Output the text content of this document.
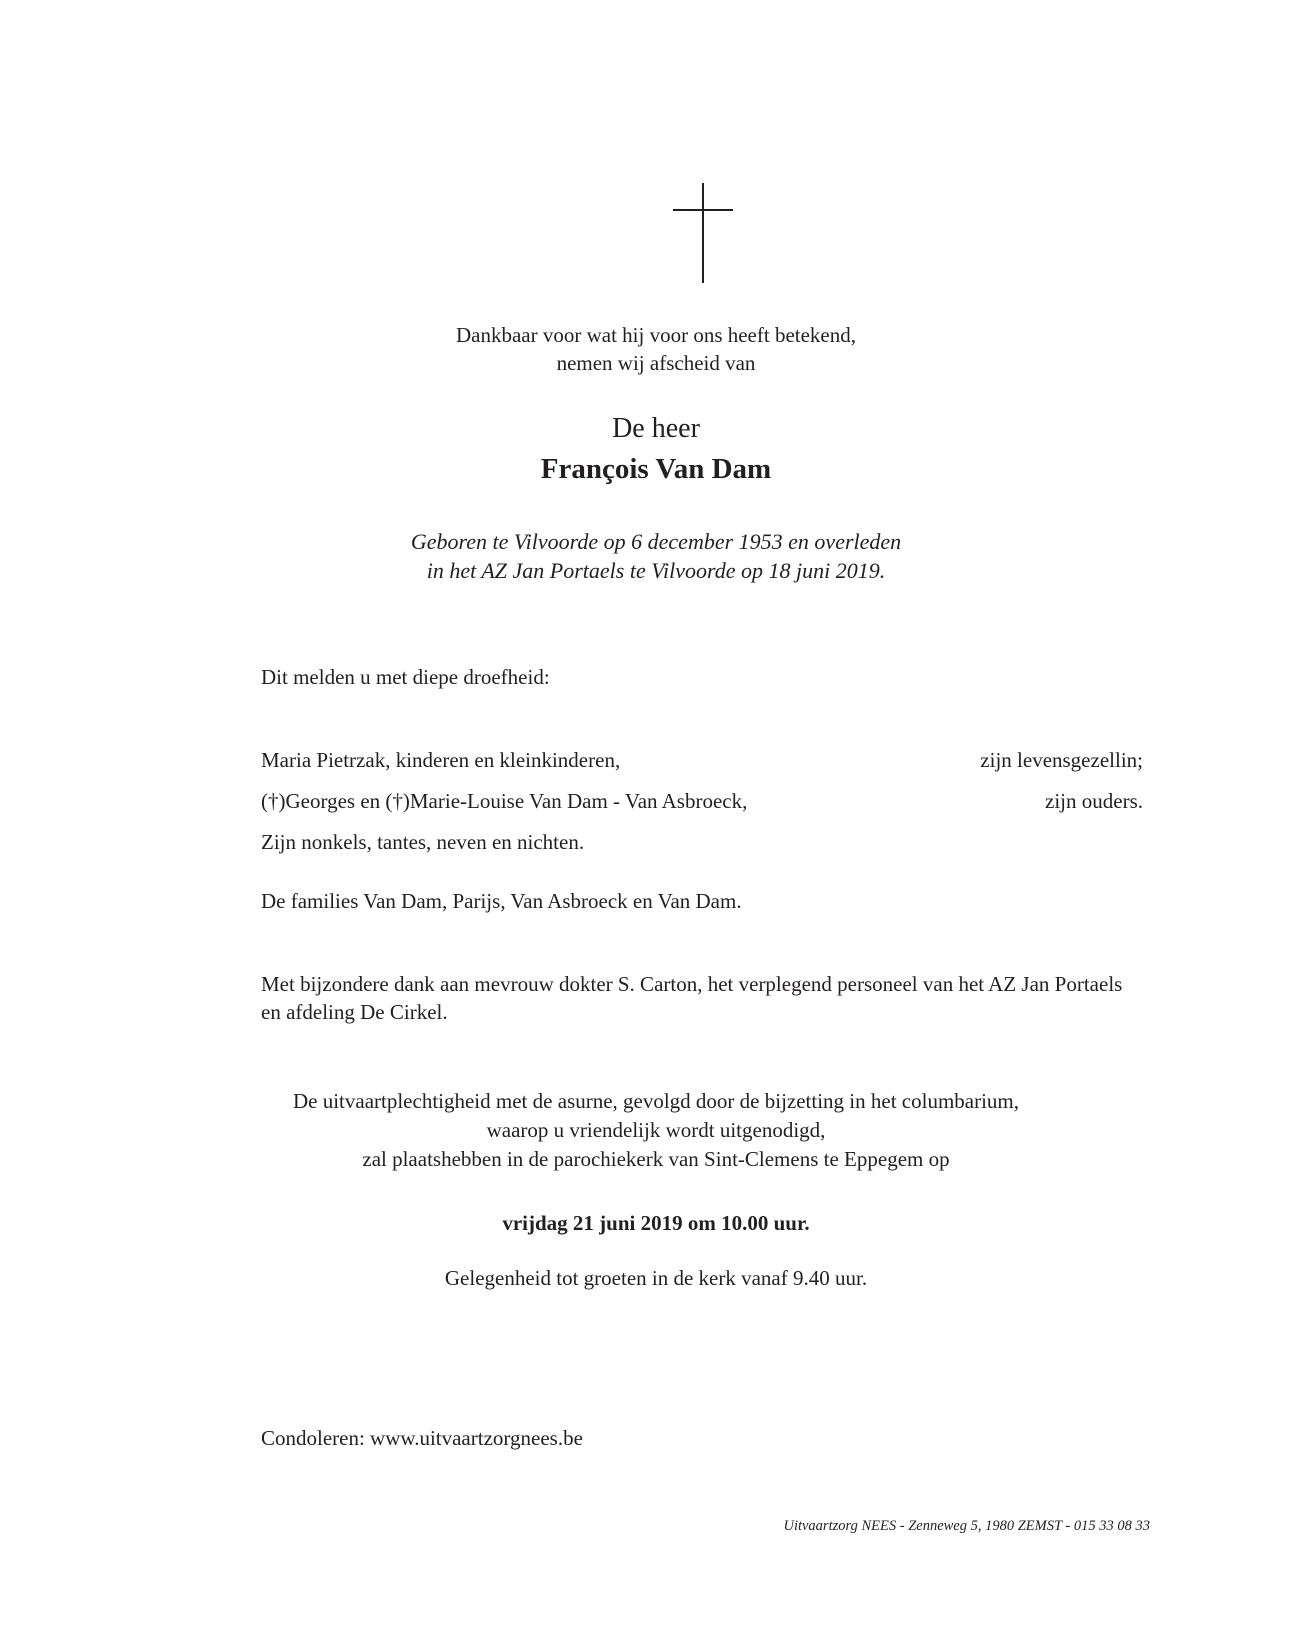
Dankbaar voor wat hij voor ons heeft betekend,
nemen wij afscheid van
De heer
François Van Dam
Geboren te Vilvoorde op 6 december 1953 en overleden
in het AZ Jan Portaels te Vilvoorde op 18 juni 2019.
Dit melden u met diepe droefheid:
Maria Pietrzak, kinderen en kleinkinderen,	zijn levensgezellin;
(†)Georges en (†)Marie-Louise Van Dam - Van Asbroeck,	zijn ouders.
Zijn nonkels, tantes, neven en nichten.
De families Van Dam, Parijs, Van Asbroeck en Van Dam.
Met bijzondere dank aan mevrouw dokter S. Carton, het verplegend personeel van het AZ Jan Portaels en afdeling De Cirkel.
De uitvaartplechtigheid met de asurne, gevolgd door de bijzetting in het columbarium,
waarop u vriendelijk wordt uitgenodigd,
zal plaatshebben in de parochiekerk van Sint-Clemens te Eppegem op
vrijdag 21 juni 2019 om 10.00 uur.
Gelegenheid tot groeten in de kerk vanaf 9.40 uur.
Condoleren: www.uitvaartzorgnees.be
Uitvaartzorg NEES - Zenneweg 5, 1980 ZEMST - 015 33 08 33
